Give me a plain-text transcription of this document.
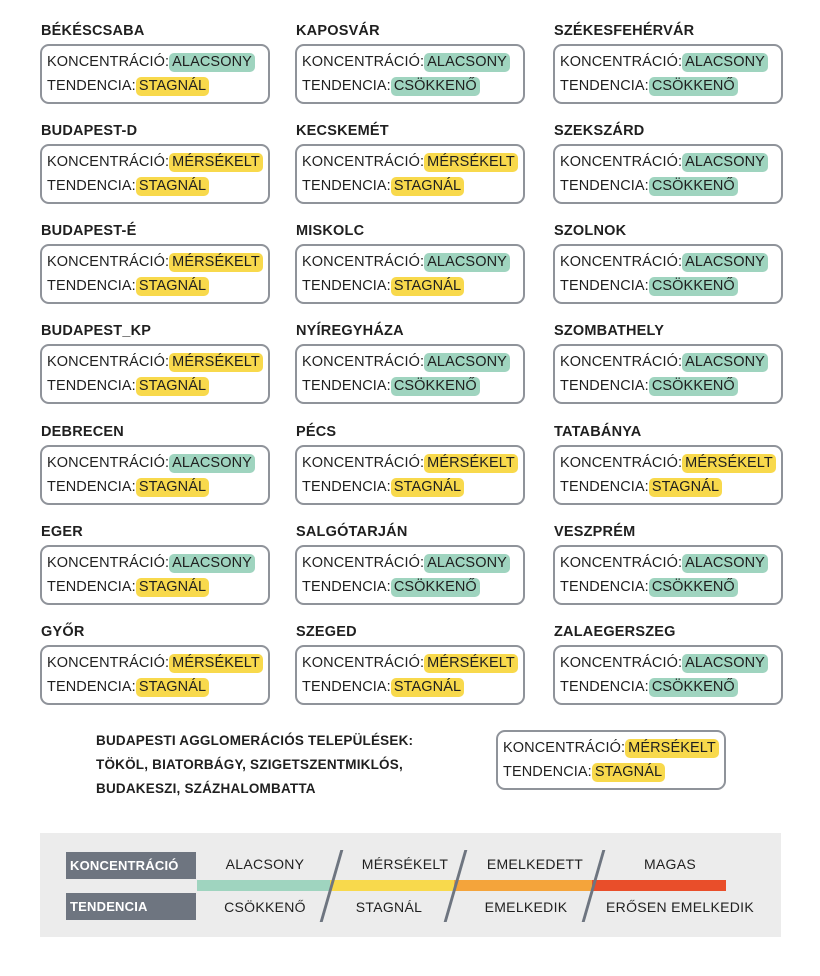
BÉKÉSCSABA
KONCENTRÁCIÓ: ALACSONY
TENDENCIA: STAGNÁL
BUDAPEST-D
KONCENTRÁCIÓ: MÉRSÉKELT
TENDENCIA: STAGNÁL
BUDAPEST-É
KONCENTRÁCIÓ: MÉRSÉKELT
TENDENCIA: STAGNÁL
BUDAPEST_KP
KONCENTRÁCIÓ: MÉRSÉKELT
TENDENCIA: STAGNÁL
DEBRECEN
KONCENTRÁCIÓ: ALACSONY
TENDENCIA: STAGNÁL
EGER
KONCENTRÁCIÓ: ALACSONY
TENDENCIA: STAGNÁL
GYŐR
KONCENTRÁCIÓ: MÉRSÉKELT
TENDENCIA: STAGNÁL
KAPOSVÁR
KONCENTRÁCIÓ: ALACSONY
TENDENCIA: CSÖKKENŐ
KECSKEMÉT
KONCENTRÁCIÓ: MÉRSÉKELT
TENDENCIA: STAGNÁL
MISKOLC
KONCENTRÁCIÓ: ALACSONY
TENDENCIA: STAGNÁL
NYÍREGYHÁZA
KONCENTRÁCIÓ: ALACSONY
TENDENCIA: CSÖKKENŐ
PÉCS
KONCENTRÁCIÓ: MÉRSÉKELT
TENDENCIA: STAGNÁL
SALGÓTARJÁN
KONCENTRÁCIÓ: ALACSONY
TENDENCIA: CSÖKKENŐ
SZEGED
KONCENTRÁCIÓ: MÉRSÉKELT
TENDENCIA: STAGNÁL
SZÉKESFEHÉRVÁR
KONCENTRÁCIÓ: ALACSONY
TENDENCIA: CSÖKKENŐ
SZEKSZÁRD
KONCENTRÁCIÓ: ALACSONY
TENDENCIA: CSÖKKENŐ
SZOLNOK
KONCENTRÁCIÓ: ALACSONY
TENDENCIA: CSÖKKENŐ
SZOMBATHELY
KONCENTRÁCIÓ: ALACSONY
TENDENCIA: CSÖKKENŐ
TATABÁNYA
KONCENTRÁCIÓ: MÉRSÉKELT
TENDENCIA: STAGNÁL
VESZPRÉM
KONCENTRÁCIÓ: ALACSONY
TENDENCIA: CSÖKKENŐ
ZALAEGERSZEG
KONCENTRÁCIÓ: ALACSONY
TENDENCIA: CSÖKKENŐ
BUDAPESTI AGGLOMERÁCIÓS TELEPÜLÉSEK:
TÖKÖL, BIATORBÁGY, SZIGETSZENTMIKLÓS,
BUDAKESZI, SZÁZHALOMBATTA
KONCENTRÁCIÓ: MÉRSÉKELT
TENDENCIA: STAGNÁL
KONCENTRÁCIÓ
TENDENCIA
ALACSONY	MÉRSÉKELT	EMELKEDETT	MAGAS
CSÖKKENŐ	STAGNÁL	EMELKEDIK	ERŐSEN EMELKEDIK
